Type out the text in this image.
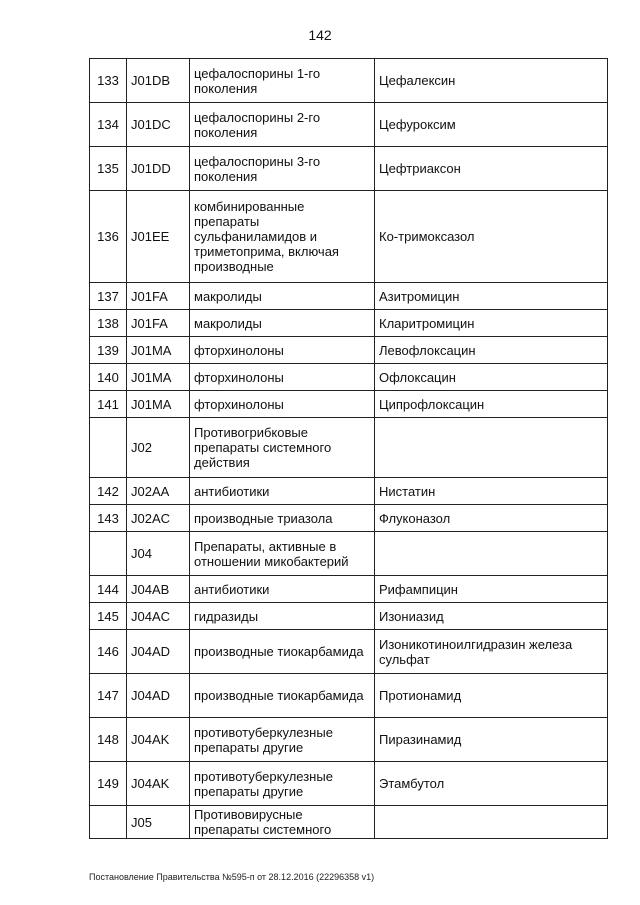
142
133	J01DB	цефалоспорины 1-го поколения	Цефалексин
134	J01DC	цефалоспорины 2-го поколения	Цефуроксим
135	J01DD	цефалоспорины 3-го поколения	Цефтриаксон
136	J01EE	комбинированные препараты сульфаниламидов и триметоприма, включая производные	Ко-тримоксазол
137	J01FA	макролиды	Азитромицин
138	J01FA	макролиды	Кларитромицин
139	J01MA	фторхинолоны	Левофлоксацин
140	J01MA	фторхинолоны	Офлоксацин
141	J01MA	фторхинолоны	Ципрофлоксацин
	J02	Противогрибковые препараты системного действия	
142	J02AA	антибиотики	Нистатин
143	J02AC	производные триазола	Флуконазол
	J04	Препараты, активные в отношении микобактерий	
144	J04AB	антибиотики	Рифампицин
145	J04AC	гидразиды	Изониазид
146	J04AD	производные тиокарбамида	Изоникотиноилгидразин железа сульфат
147	J04AD	производные тиокарбамида	Протионамид
148	J04AK	противотуберкулезные препараты другие	Пиразинамид
149	J04AK	противотуберкулезные препараты другие	Этамбутол
	J05	Противовирусные препараты системного	
Постановление Правительства №595-п от 28.12.2016 (22296358 v1)
